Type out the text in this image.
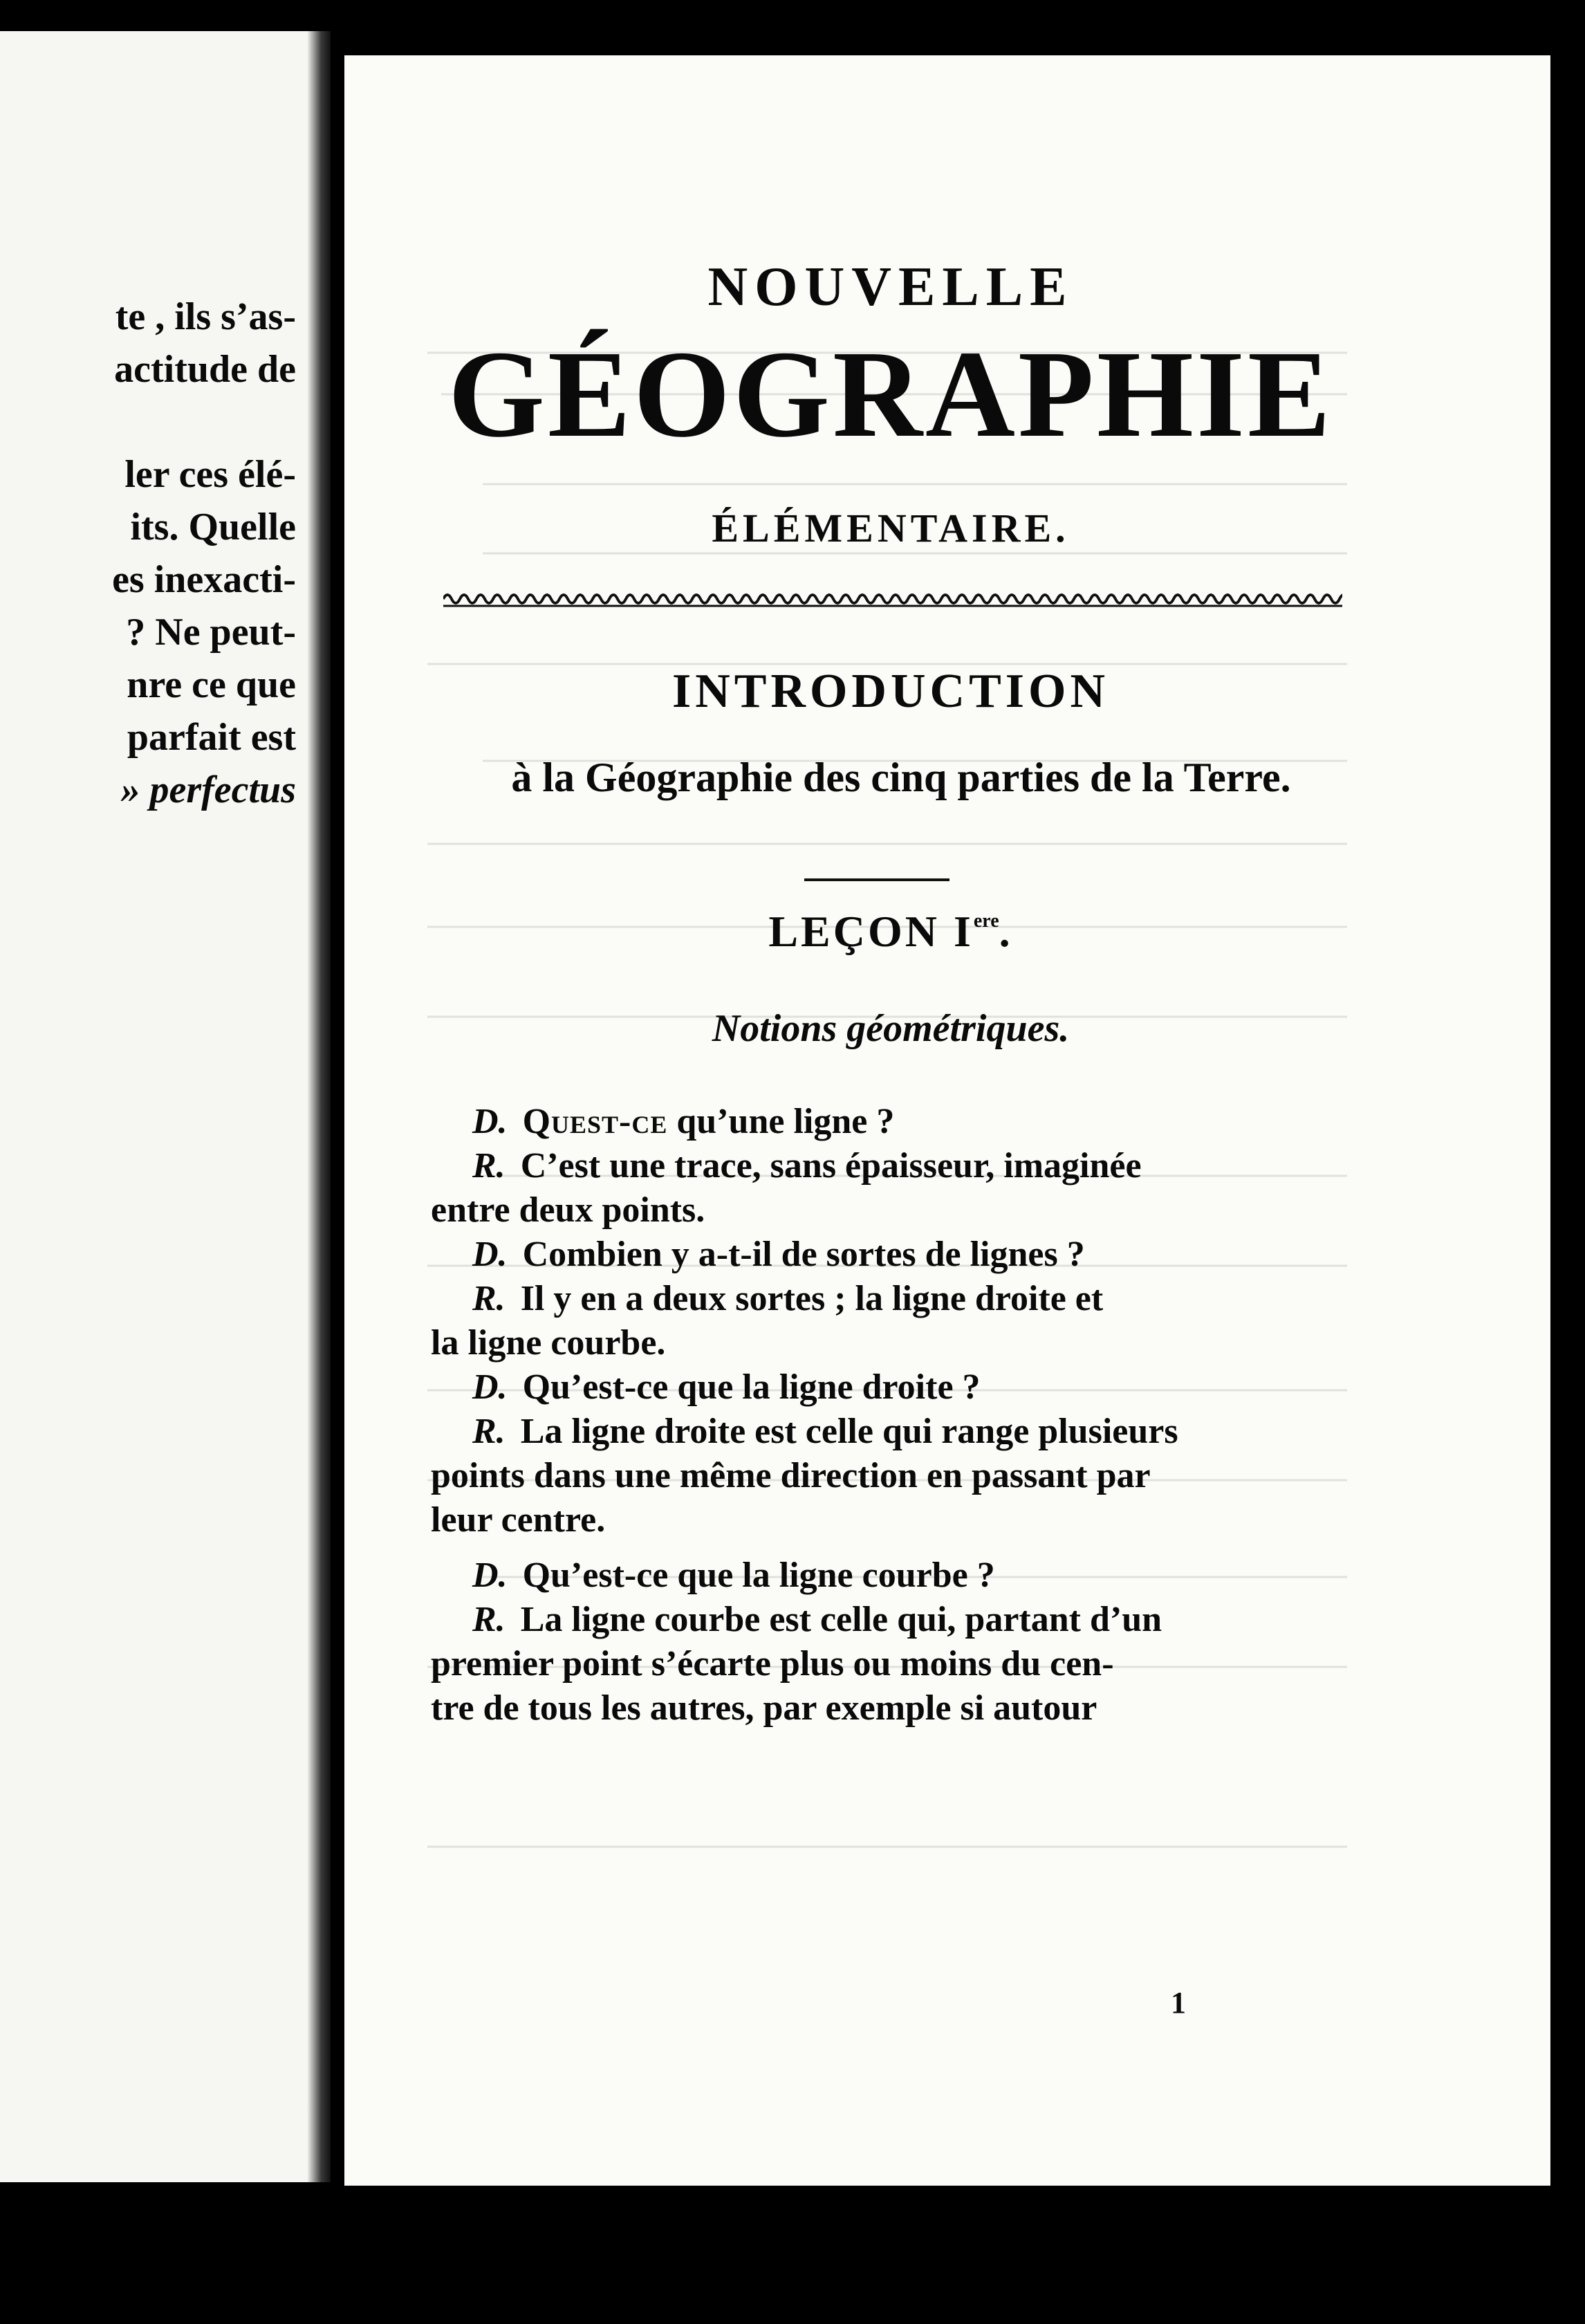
te , ils s’as-
actitude de

ler ces élé-
its. Quelle
es inexacti-
? Ne peut-
nre ce que
parfait est
» perfectus
NOUVELLE
GÉOGRAPHIE
ÉLÉMENTAIRE.
INTRODUCTION
à la Géographie des cinq parties de la Terre.
LEÇON Iere.
Notions géométriques.
D. Quest-ce qu’une ligne ?
R. C’est une trace, sans épaisseur, imaginée
entre deux points.
D. Combien y a-t-il de sortes de lignes ?
R. Il y en a deux sortes ; la ligne droite et
la ligne courbe.
D. Qu’est-ce que la ligne droite ?
R. La ligne droite est celle qui range plusieurs
points dans une même direction en passant par
leur centre.
D. Qu’est-ce que la ligne courbe ?
R. La ligne courbe est celle qui, partant d’un
premier point s’écarte plus ou moins du cen-
tre de tous les autres, par exemple si autour
1
